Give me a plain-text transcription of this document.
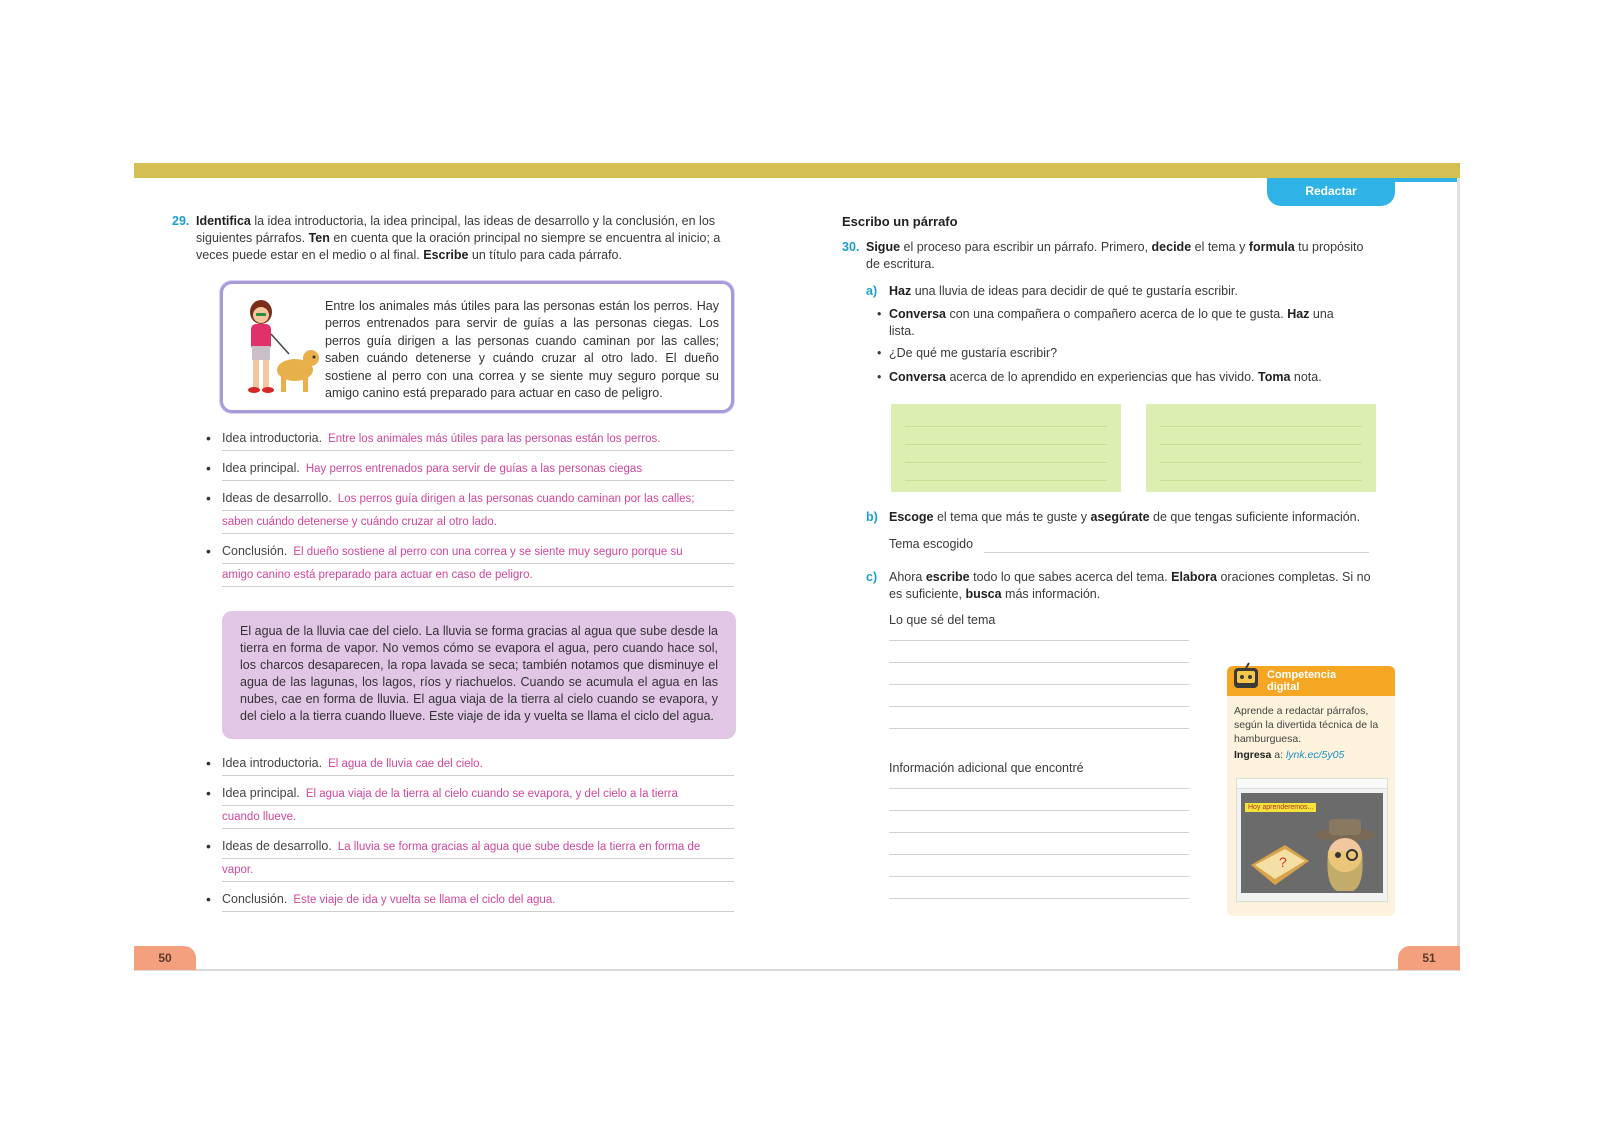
Redactar
50	51
29. Identifica la idea introductoria, la idea principal, las ideas de desarrollo y la conclusión, en los siguientes párrafos. Ten en cuenta que la oración principal no siempre se encuentra al inicio; a veces puede estar en el medio o al final. Escribe un título para cada párrafo.
Entre los animales más útiles para las personas están los perros. Hay perros entrenados para servir de guías a las personas ciegas. Los perros guía dirigen a las personas cuando caminan por las calles; saben cuándo detenerse y cuándo cruzar al otro lado. El dueño sostiene al perro con una correa y se siente muy seguro porque su amigo canino está preparado para actuar en caso de peligro.
• Idea introductoria. Entre los animales más útiles para las personas están los perros.
• Idea principal. Hay perros entrenados para servir de guías a las personas ciegas
• Ideas de desarrollo. Los perros guía dirigen a las personas cuando caminan por las calles;
saben cuándo detenerse y cuándo cruzar al otro lado.
• Conclusión. El dueño sostiene al perro con una correa y se siente muy seguro porque su
amigo canino está preparado para actuar en caso de peligro.
El agua de la lluvia cae del cielo. La lluvia se forma gracias al agua que sube desde la tierra en forma de vapor. No vemos cómo se evapora el agua, pero cuando hace sol, los charcos desaparecen, la ropa lavada se seca; también notamos que disminuye el agua de las lagunas, los lagos, ríos y riachuelos. Cuando se acumula el agua en las nubes, cae en forma de lluvia. El agua viaja de la tierra al cielo cuando se evapora, y del cielo a la tierra cuando llueve. Este viaje de ida y vuelta se llama el ciclo del agua.
• Idea introductoria. El agua de lluvia cae del cielo.
• Idea principal. El agua viaja de la tierra al cielo cuando se evapora, y del cielo a la tierra
cuando llueve.
• Ideas de desarrollo. La lluvia se forma gracias al agua que sube desde la tierra en forma de
vapor.
• Conclusión. Este viaje de ida y vuelta se llama el ciclo del agua.
Escribo un párrafo
30. Sigue el proceso para escribir un párrafo. Primero, decide el tema y formula tu propósito de escritura.
a) Haz una lluvia de ideas para decidir de qué te gustaría escribir.
• Conversa con una compañera o compañero acerca de lo que te gusta. Haz una lista.
• ¿De qué me gustaría escribir?
• Conversa acerca de lo aprendido en experiencias que has vivido. Toma nota.
b) Escoge el tema que más te guste y asegúrate de que tengas suficiente información.
Tema escogido
c) Ahora escribe todo lo que sabes acerca del tema. Elabora oraciones completas. Si no es suficiente, busca más información.
Lo que sé del tema
Información adicional que encontré
Competencia
digital
Aprende a redactar párrafos, según la divertida técnica de la hamburguesa.
Ingresa a: lynk.ec/5y05
Hoy aprenderemos...
?
